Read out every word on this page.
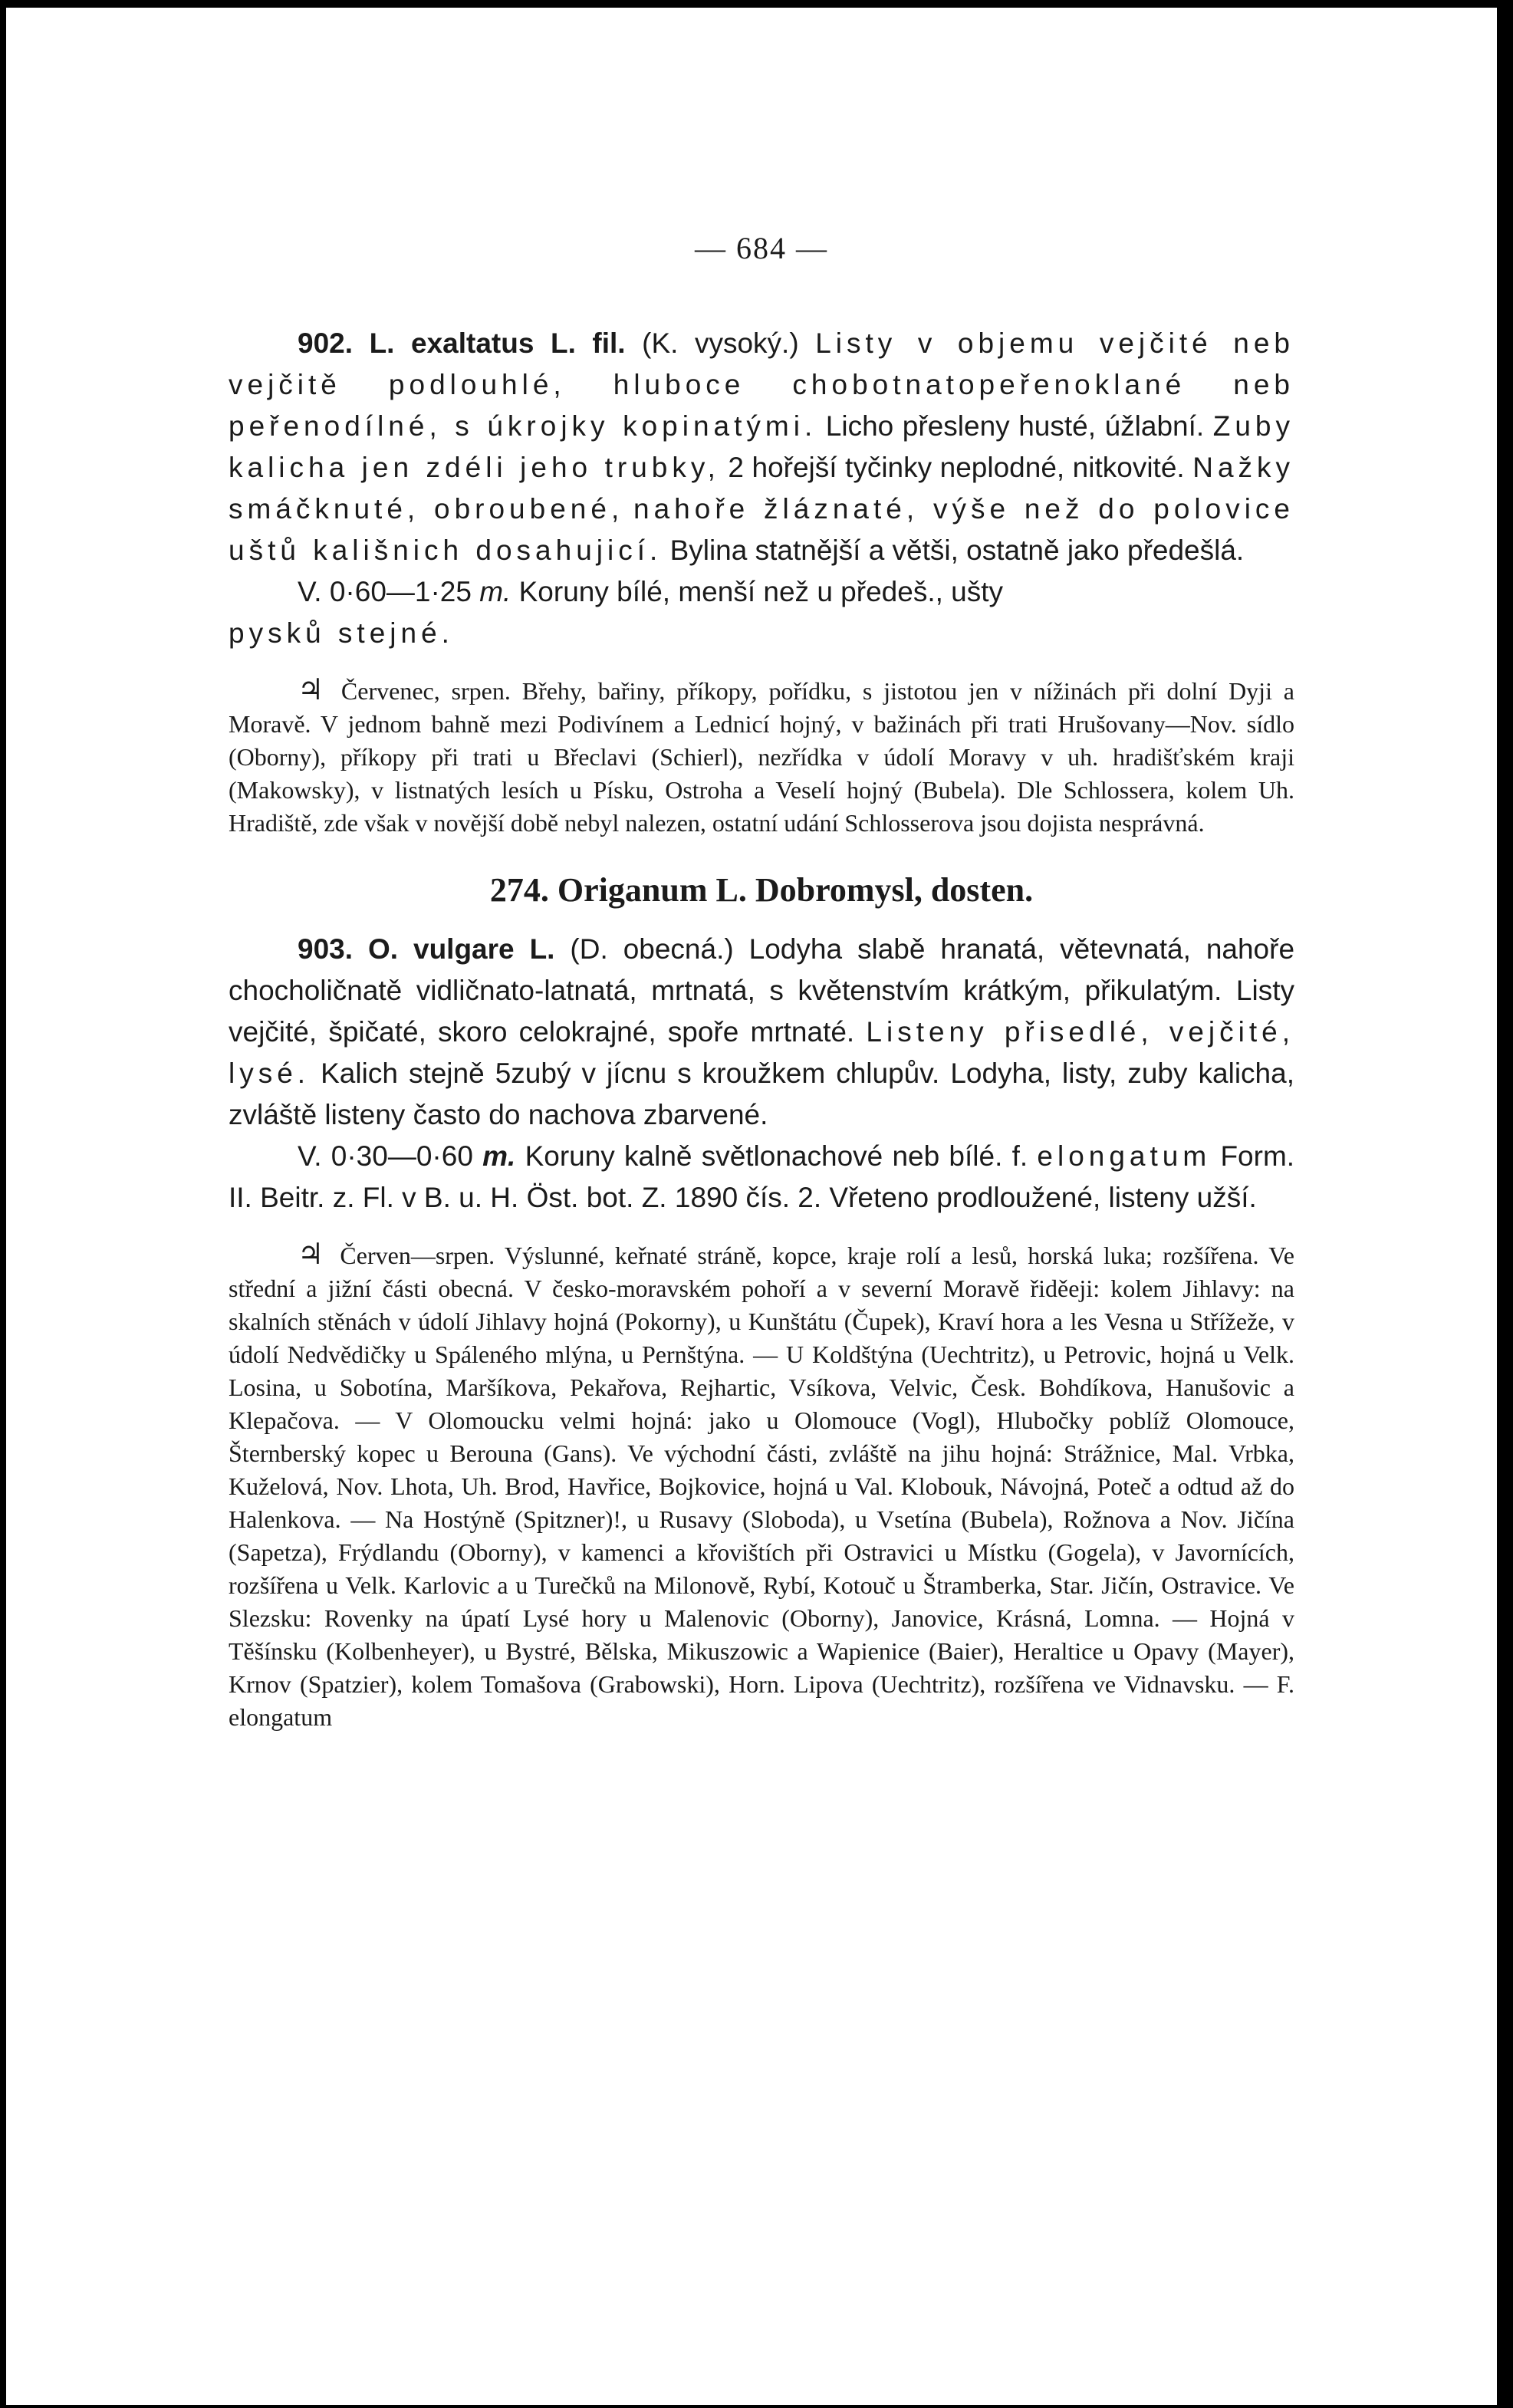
— 684 —

902. L. exaltatus L. fil. (K. vysoký.) Listy v objemu vejčité neb vejčitě podlouhlé, hluboce chobotnatopeřenoklané neb peřenodílné, s úkrojky kopinatými. Licho přesleny husté, úžlabní. Zuby kalicha jen zdéli jeho trubky, 2 hořejší tyčinky neplodné, nitkovité. Nažky smáčknuté, obroubené, nahoře žláznaté, výše než do polovice uštů kališnich dosahujicí. Bylina statnější a větši, ostatně jako předešlá.

V. 0·60—1·25 m. Koruny bílé, menší než u předeš., uštу
pysků stejné.

♃ Červenec, srpen. Břehy, bařiny, příkopy, pořídku, s jistotou jen v nížinách při dolní Dyji a Moravě. V jednom bahně mezi Podivínem a Lednicí hojný, v bažinách při trati Hrušovany—Nov. sídlo (Oborny), příkopy při trati u Břeclavi (Schierl), nezřídka v údolí Moravy v uh. hradišťském kraji (Makowsky), v listnatých lesích u Písku, Ostroha a Veselí hojný (Bubela). Dle Schlossera, kolem Uh. Hradiště, zde však v novější době nebyl nalezen, ostatní udání Schlosserova jsou dojista nesprávná.

274. Origanum L. Dobromysl, dosten.

903. O. vulgare L. (D. obecná.) Lodyha slabě hranatá, větevnatá, nahoře chocholičnatě vidličnato-latnatá, mrtnatá, s květenstvím krátkým, přikulatým. Listy vejčité, špičaté, skoro celokrajné, spoře mrtnaté. Listeny přisedlé, vejčité, lysé. Kalich stejně 5zubý v jícnu s kroužkem chlupův. Lodyha, listy, zuby kalicha, zvláště listeny často do nachova zbarvené.

V. 0·30—0·60 m. Koruny kalně světlonachové neb bílé. f. elongatum Form. II. Beitr. z. Fl. v B. u. H. Öst. bot. Z. 1890 čís. 2. Vřeteno prodloužené, listeny užší.

♃ Červen—srpen. Výslunné, keřnaté stráně, kopce, kraje rolí a lesů, horská luka; rozšířena. Ve střední a jižní části obecná. V česko-moravském pohoří a v severní Moravě řiděeji: kolem Jihlavy: na skalních stěnách v údolí Jihlavy hojná (Pokorny), u Kunštátu (Čupek), Kraví hora a les Vesna u Střížeže, v údolí Nedvědičky u Spáleného mlýna, u Pernštýna. — U Koldštýna (Uechtritz), u Petrovic, hojná u Velk. Losina, u Sobotína, Maršíkova, Pekařova, Rejhartic, Vsíkova, Velvic, Česk. Bohdíkova, Hanušovic a Klepačova. — V Olomoucku velmi hojná: jako u Olomouce (Vogl), Hlubočky poblíž Olomouce, Šternberský kopec u Berouna (Gans). Ve východní části, zvláště na jihu hojná: Strážnice, Mal. Vrbka, Kuželová, Nov. Lhota, Uh. Brod, Havřice, Bojkovice, hojná u Val. Klobouk, Návojná, Poteč a odtud až do Halenkova. — Na Hostýně (Spitzner)!, u Rusavy (Sloboda), u Vsetína (Bubela), Rožnova a Nov. Jičína (Sapetza), Frýdlandu (Oborny), v kamenci a křovištích při Ostravici u Místku (Gogela), v Javornících, rozšířena u Velk. Karlovic a u Turečků na Milonově, Rybí, Kotouč u Štramberka, Star. Jičín, Ostravice. Ve Slezsku: Rovenky na úpatí Lysé hory u Malenovic (Oborny), Janovice, Krásná, Lomna. — Hojná v Těšínsku (Kolbenheyer), u Bystré, Bělska, Mikuszowic a Wapienice (Baier), Heraltice u Opavy (Mayer), Krnov (Spatzier), kolem Tomašova (Grabowski), Horn. Lipova (Uechtritz), rozšířena ve Vidnavsku. — F. elongatum
